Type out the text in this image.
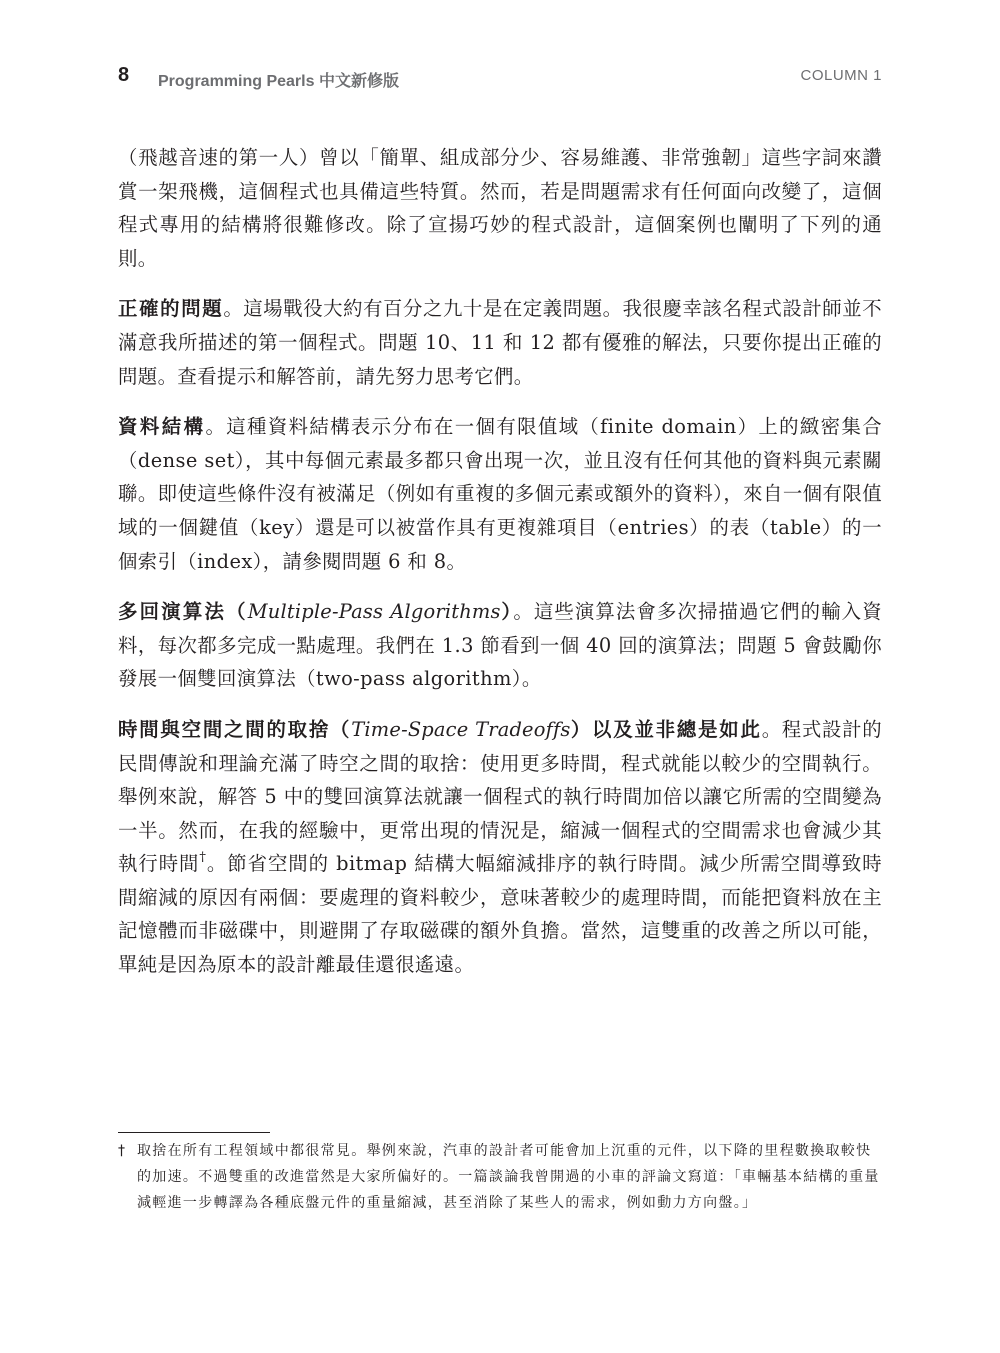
8 Programming Pearls 中文新修版	COLUMN 1

（飛越音速的第一人）曾以「簡單、組成部分少、容易維護、非常強韌」這些字詞來讚賞一架飛機，這個程式也具備這些特質。然而，若是問題需求有任何面向改變了，這個程式專用的結構將很難修改。除了宣揚巧妙的程式設計，這個案例也闡明了下列的通則。

正確的問題。這場戰役大約有百分之九十是在定義問題。我很慶幸該名程式設計師並不滿意我所描述的第一個程式。問題 10、11 和 12 都有優雅的解法，只要你提出正確的問題。查看提示和解答前，請先努力思考它們。

資料結構。這種資料結構表示分布在一個有限值域（finite domain）上的緻密集合（dense set），其中每個元素最多都只會出現一次，並且沒有任何其他的資料與元素關聯。即使這些條件沒有被滿足（例如有重複的多個元素或額外的資料），來自一個有限值域的一個鍵值（key）還是可以被當作具有更複雜項目（entries）的表（table）的一個索引（index），請參閱問題 6 和 8。

多回演算法（Multiple-Pass Algorithms）。這些演算法會多次掃描過它們的輸入資料，每次都多完成一點處理。我們在 1.3 節看到一個 40 回的演算法；問題 5 會鼓勵你發展一個雙回演算法（two-pass algorithm）。

時間與空間之間的取捨（Time-Space Tradeoffs）以及並非總是如此。程式設計的民間傳說和理論充滿了時空之間的取捨：使用更多時間，程式就能以較少的空間執行。舉例來說，解答 5 中的雙回演算法就讓一個程式的執行時間加倍以讓它所需的空間變為一半。然而，在我的經驗中，更常出現的情況是，縮減一個程式的空間需求也會減少其執行時間†。節省空間的 bitmap 結構大幅縮減排序的執行時間。減少所需空間導致時間縮減的原因有兩個：要處理的資料較少，意味著較少的處理時間，而能把資料放在主記憶體而非磁碟中，則避開了存取磁碟的額外負擔。當然，這雙重的改善之所以可能，單純是因為原本的設計離最佳還很遙遠。

† 取捨在所有工程領域中都很常見。舉例來說，汽車的設計者可能會加上沉重的元件，以下降的里程數換取較快的加速。不過雙重的改進當然是大家所偏好的。一篇談論我曾開過的小車的評論文寫道：「車輛基本結構的重量減輕進一步轉譯為各種底盤元件的重量縮減，甚至消除了某些人的需求，例如動力方向盤。」
